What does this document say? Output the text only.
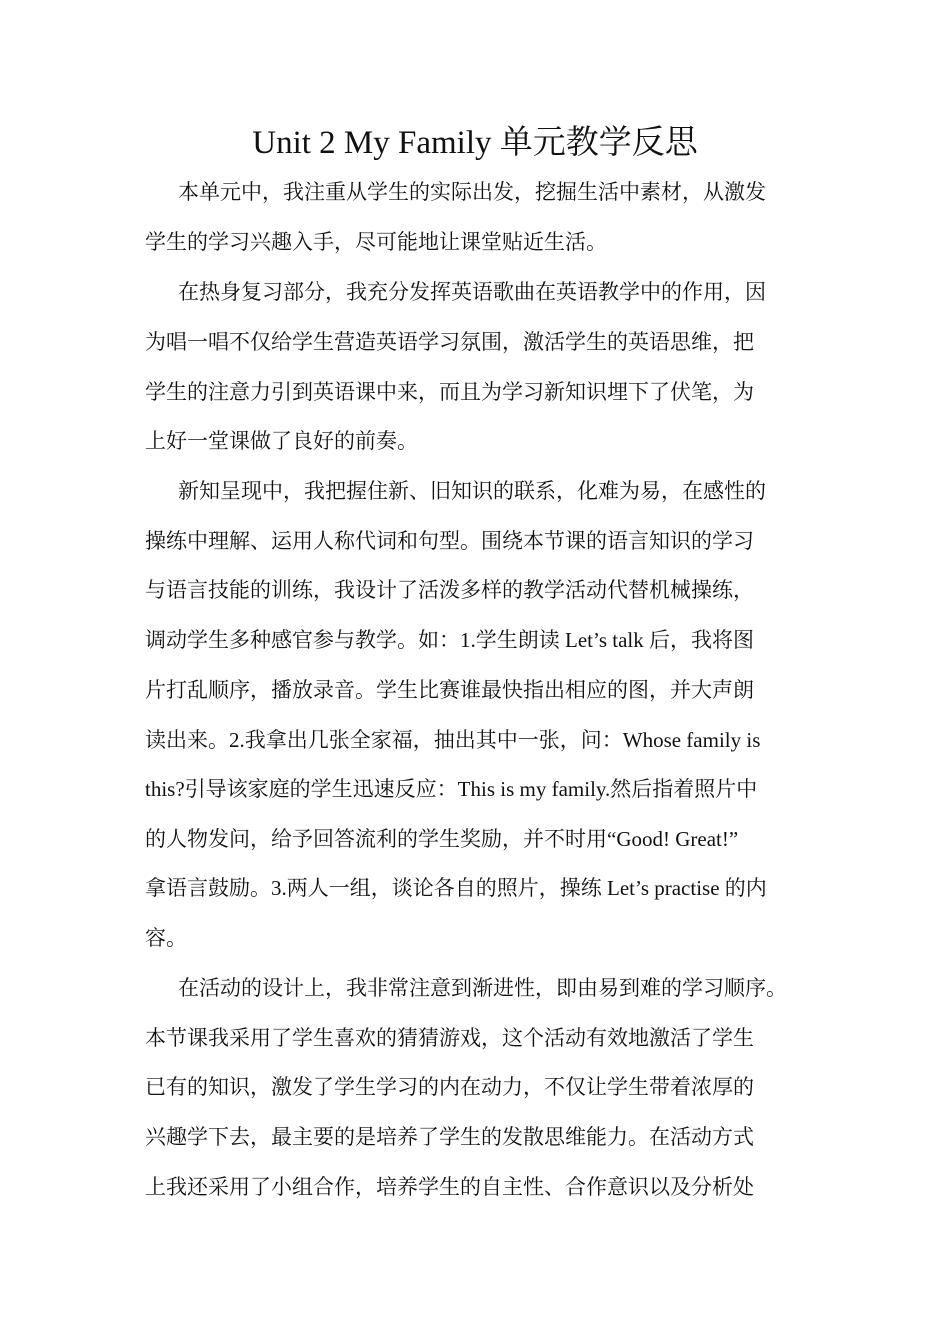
Unit 2 My Family 单元教学反思
本单元中，我注重从学生的实际出发，挖掘生活中素材，从激发
学生的学习兴趣入手，尽可能地让课堂贴近生活。
在热身复习部分，我充分发挥英语歌曲在英语教学中的作用，因
为唱一唱不仅给学生营造英语学习氛围，激活学生的英语思维，把
学生的注意力引到英语课中来，而且为学习新知识埋下了伏笔，为
上好一堂课做了良好的前奏。
新知呈现中，我把握住新、旧知识的联系，化难为易，在感性的
操练中理解、运用人称代词和句型。围绕本节课的语言知识的学习
与语言技能的训练，我设计了活泼多样的教学活动代替机械操练，
调动学生多种感官参与教学。如：1.学生朗读 Let’s talk 后，我将图
片打乱顺序，播放录音。学生比赛谁最快指出相应的图，并大声朗
读出来。2.我拿出几张全家福，抽出其中一张，问：Whose family is
this?引导该家庭的学生迅速反应：This is my family.然后指着照片中
的人物发问，给予回答流利的学生奖励，并不时用“Good! Great!”
拿语言鼓励。3.两人一组，谈论各自的照片，操练 Let’s practise 的内
容。
在活动的设计上，我非常注意到渐进性，即由易到难的学习顺序。
本节课我采用了学生喜欢的猜猜游戏，这个活动有效地激活了学生
已有的知识，激发了学生学习的内在动力，不仅让学生带着浓厚的
兴趣学下去，最主要的是培养了学生的发散思维能力。在活动方式
上我还采用了小组合作，培养学生的自主性、合作意识以及分析处
